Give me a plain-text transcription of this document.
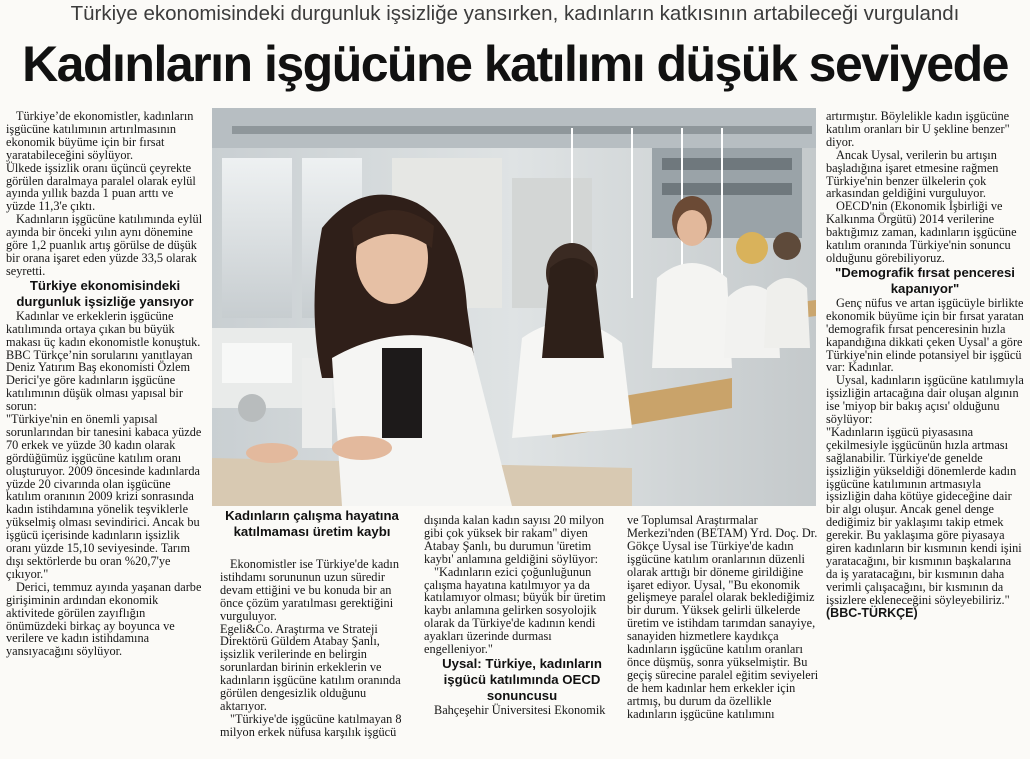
Türkiye ekonomisindeki durgunluk işsizliğe yansırken, kadınların katkısının artabileceği vurgulandı
Kadınların işgücüne katılımı düşük seviyede

Türkiye’de ekonomistler, kadınların işgücüne katılımının artırılmasının ekonomik büyüme için bir fırsat yaratabileceğini söylüyor.

Ülkede işsizlik oranı üçüncü çeyrekte görülen daralmaya paralel olarak eylül ayında yıllık bazda 1 puan arttı ve yüzde 11,3'e çıktı.

Kadınların işgücüne katılımında eylül ayında bir önceki yılın aynı dönemine göre 1,2 puanlık artış görülse de düşük bir orana işaret eden yüzde 33,5 olarak seyretti.

Türkiye ekonomisindeki durgunluk işsizliğe yansıyor

Kadınlar ve erkeklerin işgücüne katılımında ortaya çıkan bu büyük makası üç kadın ekonomistle konuştuk.

BBC Türkçe’nin sorularını yanıtlayan Deniz Yatırım Baş ekonomisti Özlem Derici'ye göre kadınların işgücüne katılımının düşük olması yapısal bir sorun:

"Türkiye'nin en önemli yapısal sorunlarından bir tanesini kabaca yüzde 70 erkek ve yüzde 30 kadın olarak gördüğümüz işgücüne katılım oranı oluşturuyor. 2009 öncesinde kadınlarda yüzde 20 civarında olan işgücüne katılım oranının 2009 krizi sonrasında kadın istihdamına yönelik teşviklerle yükselmiş olması sevindirici. Ancak bu işgücü içerisinde kadınların işsizlik oranı yüzde 15,10 seviyesinde. Tarım dışı sektörlerde bu oran %20,7'ye çıkıyor."

Derici, temmuz ayında yaşanan darbe girişiminin ardından ekonomik aktivitede görülen zayıflığın önümüzdeki birkaç ay boyunca ve verilere ve kadın istihdamına yansıyacağını söylüyor.

Kadınların çalışma hayatına katılmaması üretim kaybı

Ekonomistler ise Türkiye'de kadın istihdamı sorununun uzun süredir devam ettiğini ve bu konuda bir an önce çözüm yaratılması gerektiğini vurguluyor.

Egeli&Co. Araştırma ve Strateji Direktörü Güldem Atabay Şanlı, işsizlik verilerinde en belirgin sorunlardan birinin erkeklerin ve kadınların işgücüne katılım oranında görülen dengesizlik olduğunu aktarıyor.

"Türkiye'de işgücüne katılmayan 8 milyon erkek nüfusa karşılık işgücü

dışında kalan kadın sayısı 20 milyon gibi çok yüksek bir rakam" diyen Atabay Şanlı, bu durumun 'üretim kaybı' anlamına geldiğini söylüyor:

"Kadınların ezici çoğunluğunun çalışma hayatına katılmıyor ya da katılamıyor olması; büyük bir üretim kaybı anlamına gelirken sosyolojik olarak da Türkiye'de kadının kendi ayakları üzerinde durması engelleniyor."

Uysal: Türkiye, kadınların işgücü katılımında OECD sonuncusu

Bahçeşehir Üniversitesi Ekonomik

ve Toplumsal Araştırmalar Merkezi'nden (BETAM) Yrd. Doç. Dr. Gökçe Uysal ise Türkiye'de kadın işgücüne katılım oranlarının düzenli olarak arttığı bir döneme girildiğine işaret ediyor. Uysal, "Bu ekonomik gelişmeye paralel olarak beklediğimiz bir durum. Yüksek gelirli ülkelerde üretim ve istihdam tarımdan sanayiye, sanayiden hizmetlere kaydıkça kadınların işgücüne katılım oranları önce düşmüş, sonra yükselmiştir. Bu geçiş sürecine paralel eğitim seviyeleri de hem kadınlar hem erkekler için artmış, bu durum da özellikle kadınların işgücüne katılımını

artırmıştır. Böylelikle kadın işgücüne katılım oranları bir U şekline benzer" diyor.

Ancak Uysal, verilerin bu artışın başladığına işaret etmesine rağmen Türkiye'nin benzer ülkelerin çok arkasından geldiğini vurguluyor.

OECD'nin (Ekonomik İşbirliği ve Kalkınma Örgütü) 2014 verilerine baktığımız zaman, kadınların işgücüne katılım oranında Türkiye'nin sonuncu olduğunu görebiliyoruz.

"Demografik fırsat penceresi kapanıyor"

Genç nüfus ve artan işgücüyle birlikte ekonomik büyüme için bir fırsat yaratan 'demografik fırsat penceresinin hızla kapandığına dikkati çeken Uysal' a göre Türkiye'nin elinde potansiyel bir işgücü var: Kadınlar.

Uysal, kadınların işgücüne katılımıyla işsizliğin artacağına dair oluşan algının ise 'miyop bir bakış açısı' olduğunu söylüyor:

"Kadınların işgücü piyasasına çekilmesiyle işgücünün hızla artması sağlanabilir. Türkiye'de genelde işsizliğin yükseldiği dönemlerde kadın işgücüne katılımının artmasıyla işsizliğin daha kötüye gideceğine dair bir algı oluşur. Ancak genel denge dediğimiz bir yaklaşımı takip etmek gerekir. Bu yaklaşıma göre piyasaya giren kadınların bir kısmının kendi işini yaratacağını, bir kısmının başkalarına da iş yaratacağını, bir kısmının daha verimli çalışacağını, bir kısmının da işsizlere ekleneceğini söyleyebiliriz."

(BBC-TÜRKÇE)
